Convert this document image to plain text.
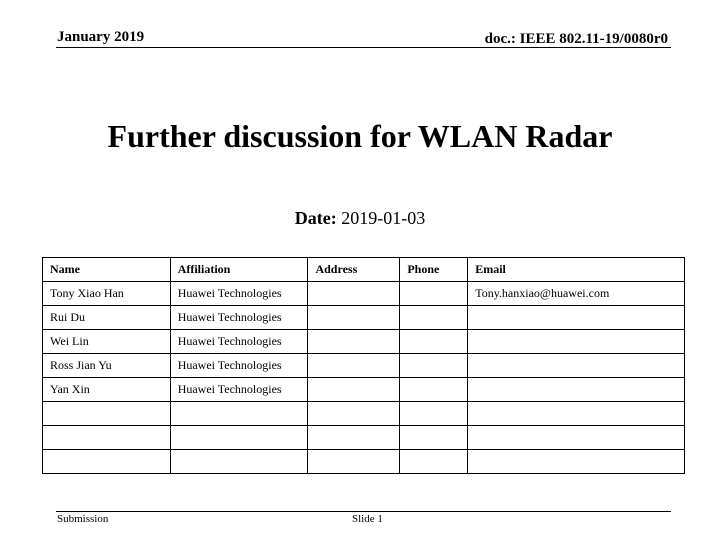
January 2019	doc.: IEEE 802.11-19/0080r0
Further discussion for WLAN Radar
Date: 2019-01-03
Name	Affiliation	Address	Phone	Email
Tony Xiao Han	Huawei Technologies			Tony.hanxiao@huawei.com
Rui Du	Huawei Technologies			
Wei Lin	Huawei Technologies			
Ross Jian Yu	Huawei Technologies			
Yan Xin	Huawei Technologies			

Submission	Slide 1
